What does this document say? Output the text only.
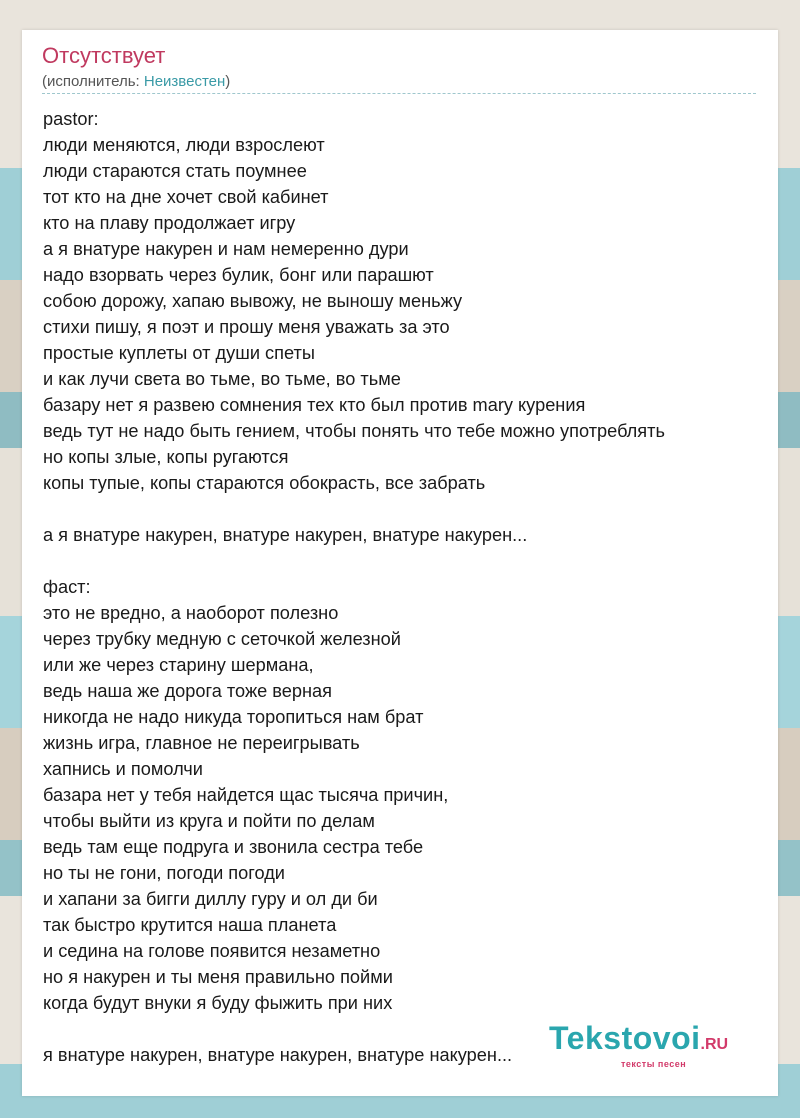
Отсутствует
(исполнитель: Неизвестен)
pastor:
люди меняются, люди взрослеют
люди стараются стать поумнее
тот кто на дне хочет свой кабинет
кто на плаву продолжает игру
а я внатуре накурен и нам немеренно дури
надо взорвать через булик, бонг или парашют
собою дорожу, хапаю вывожу, не выношу меньжу
стихи пишу, я поэт и прошу меня уважать за это
простые куплеты от души спеты
и как лучи света во тьме, во тьме, во тьме
базару нет я развею сомнения тех кто был против mary курения
ведь тут не надо быть гением, чтобы понять что тебе можно употреблять
но копы злые, копы ругаются
копы тупые, копы стараются обокрасть, все забрать
а я внатуре накурен, внатуре накурен, внатуре накурен...
фаст:
это не вредно, а наоборот полезно
через трубку медную с сеточкой железной
или же через старину шермана,
ведь наша же дорога тоже верная
никогда не надо никуда торопиться нам брат
жизнь игра, главное не переигрывать
хапнись и помолчи
базара нет у тебя найдется щас тысяча причин,
чтобы выйти из круга и пойти по делам
ведь там еще подруга и звонила сестра тебе
но ты не гони, погоди погоди
и хапани за бигги диллу гуру и ол ди би
так быстро крутится наша планета
и седина на голове появится незаметно
но я накурен и ты меня правильно пойми
когда будут внуки я буду фыжить при них
я внатуре накурен, внатуре накурен, внатуре накурен...	Tekstovoi.RU
тексты песен
